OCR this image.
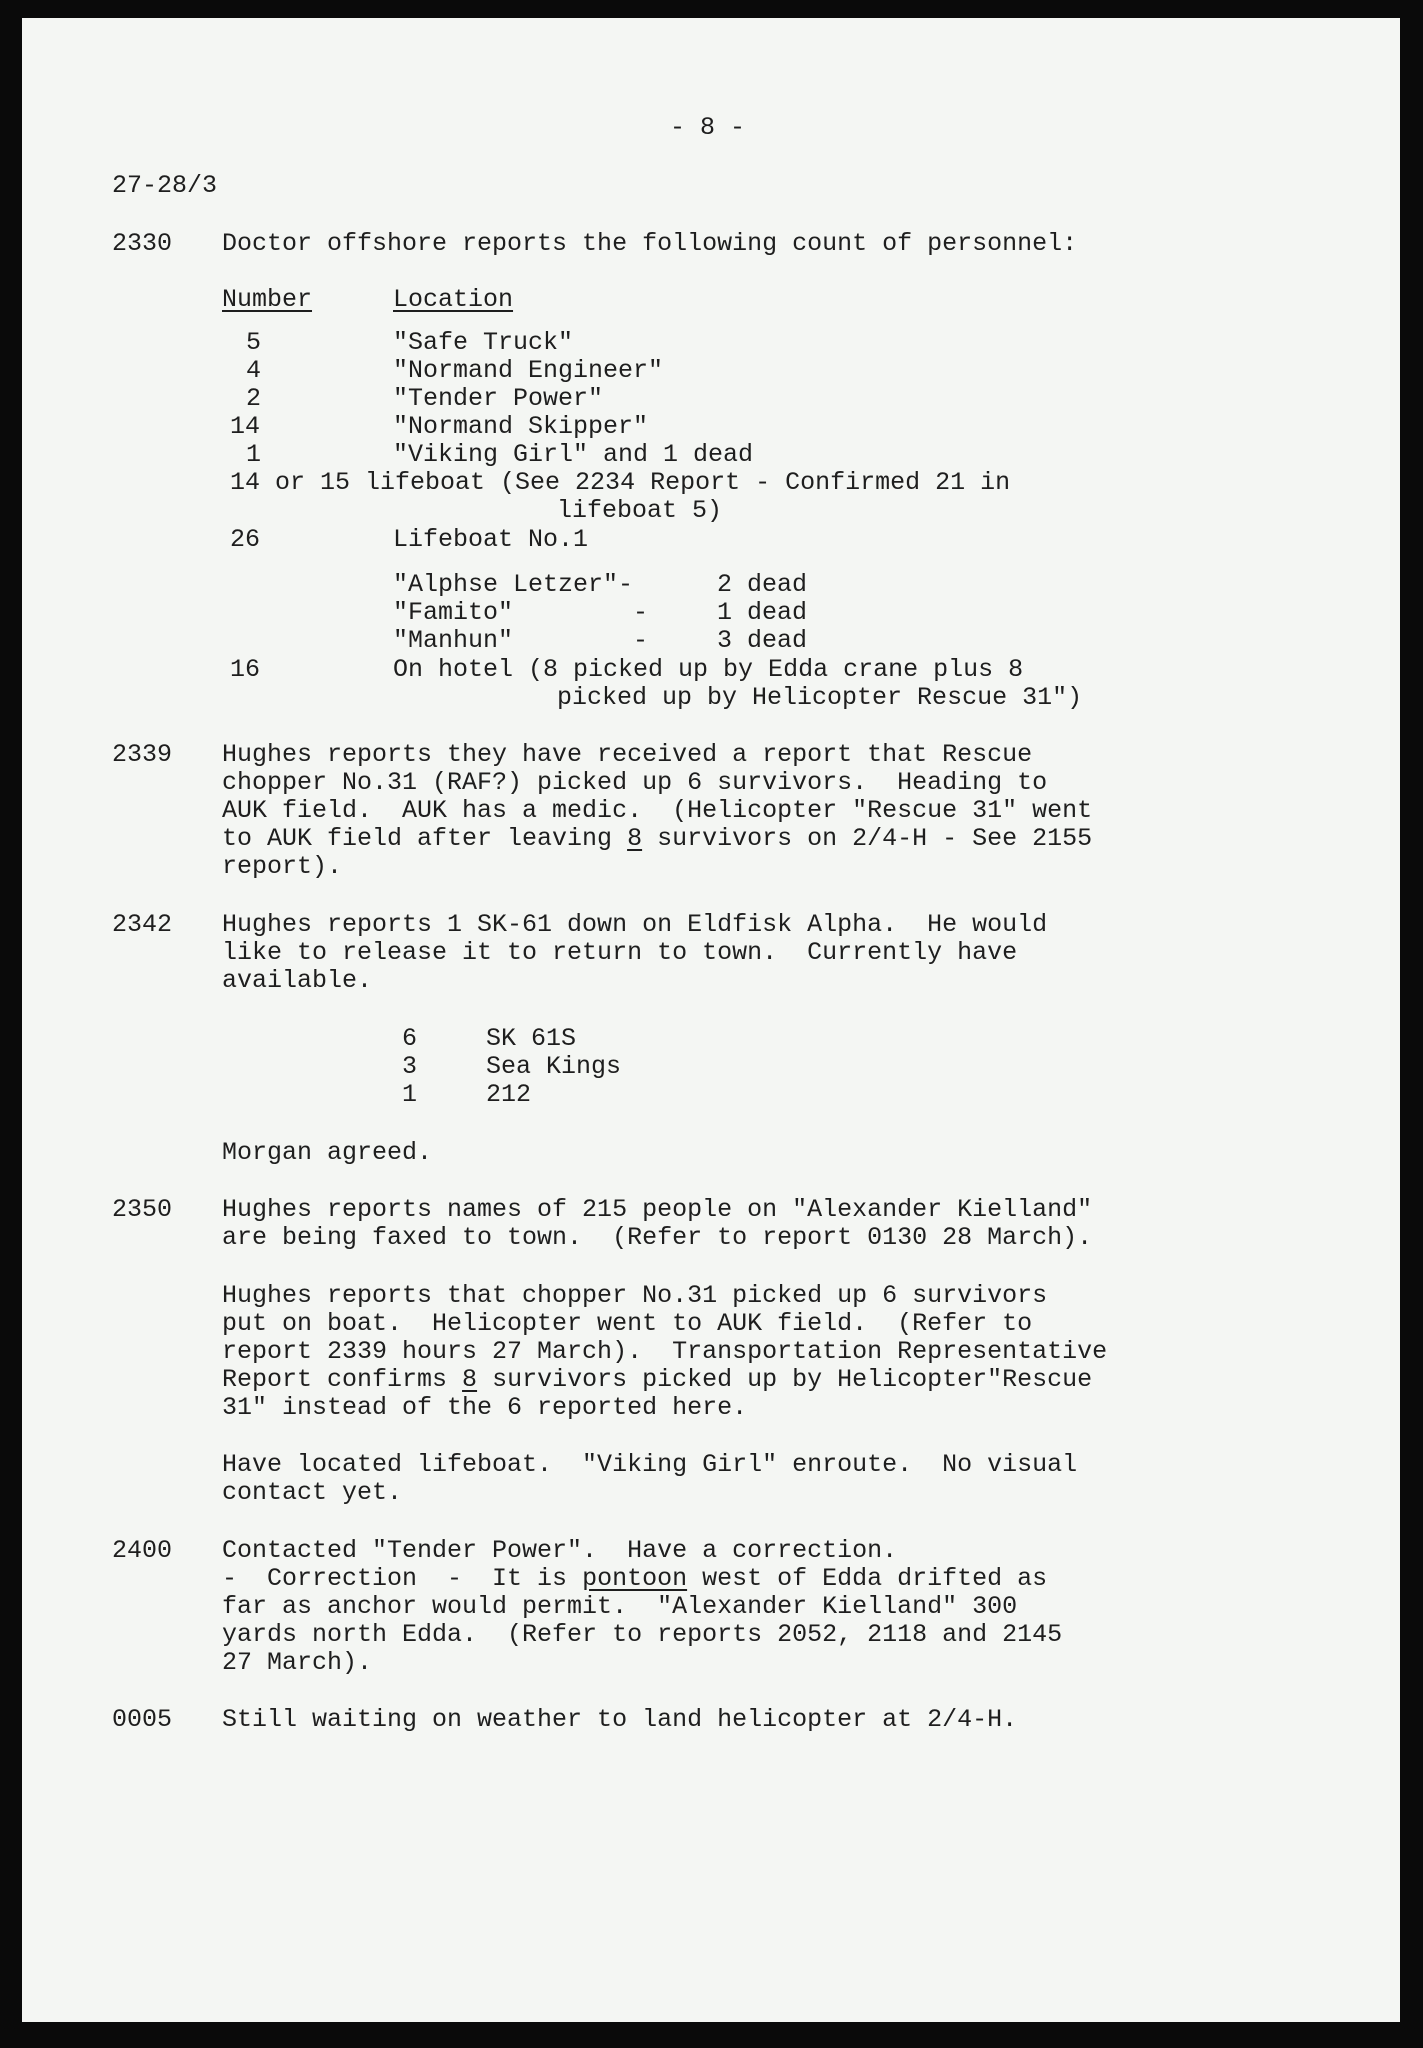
- 8 -
27-28/3
2330 Doctor offshore reports the following count of personnel:
Number	Location
5	"Safe Truck"
4	"Normand Engineer"
2	"Tender Power"
14	"Normand Skipper"
1	"Viking Girl" and 1 dead
14 or 15 lifeboat (See 2234 Report - Confirmed 21 in
lifeboat 5)
26	Lifeboat No.1
"Alphse Letzer"-	2 dead
"Famito"        -	1 dead
"Manhun"        -	3 dead
16	On hotel (8 picked up by Edda crane plus 8
picked up by Helicopter Rescue 31")
2339 Hughes reports they have received a report that Rescue
chopper No.31 (RAF?) picked up 6 survivors.  Heading to
AUK field.  AUK has a medic.  (Helicopter "Rescue 31" went
to AUK field after leaving 8 survivors on 2/4-H - See 2155
report).
2342 Hughes reports 1 SK-61 down on Eldfisk Alpha.  He would
like to release it to return to town.  Currently have
available.
6	SK 61S
3	Sea Kings
1	212
Morgan agreed.
2350 Hughes reports names of 215 people on "Alexander Kielland"
are being faxed to town.  (Refer to report 0130 28 March).
Hughes reports that chopper No.31 picked up 6 survivors
put on boat.  Helicopter went to AUK field.  (Refer to
report 2339 hours 27 March).  Transportation Representative
Report confirms 8 survivors picked up by Helicopter"Rescue
31" instead of the 6 reported here.
Have located lifeboat.  "Viking Girl" enroute.  No visual
contact yet.
2400 Contacted "Tender Power".  Have a correction.
-  Correction  -  It is pontoon west of Edda drifted as
far as anchor would permit.  "Alexander Kielland" 300
yards north Edda.  (Refer to reports 2052, 2118 and 2145
27 March).
0005 Still waiting on weather to land helicopter at 2/4-H.
